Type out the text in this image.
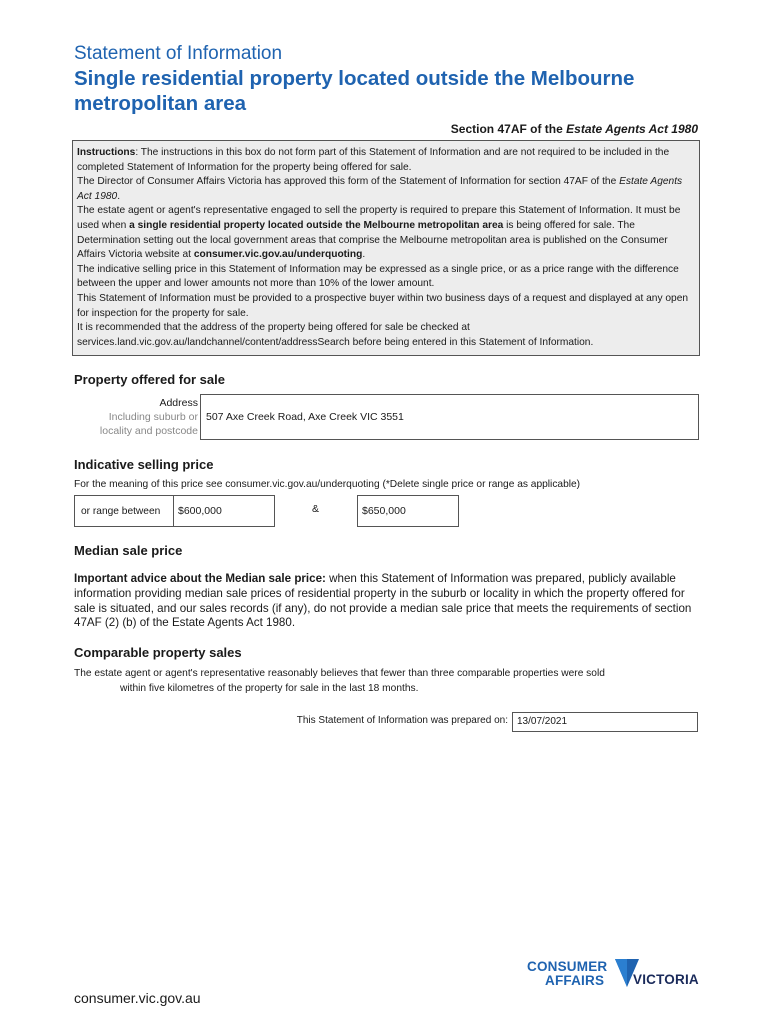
Statement of Information
Single residential property located outside the Melbourne metropolitan area
Section 47AF of the Estate Agents Act 1980

Instructions: The instructions in this box do not form part of this Statement of Information and are not required to be included in the completed Statement of Information for the property being offered for sale.

The Director of Consumer Affairs Victoria has approved this form of the Statement of Information for section 47AF of the Estate Agents Act 1980.

The estate agent or agent's representative engaged to sell the property is required to prepare this Statement of Information. It must be used when a single residential property located outside the Melbourne metropolitan area is being offered for sale. The Determination setting out the local government areas that comprise the Melbourne metropolitan area is published on the Consumer Affairs Victoria website at consumer.vic.gov.au/underquoting.

The indicative selling price in this Statement of Information may be expressed as a single price, or as a price range with the difference between the upper and lower amounts not more than 10% of the lower amount.

This Statement of Information must be provided to a prospective buyer within two business days of a request and displayed at any open for inspection for the property for sale.

It is recommended that the address of the property being offered for sale be checked at services.land.vic.gov.au/landchannel/content/addressSearch before being entered in this Statement of Information.

Property offered for sale
Address
Including suburb or
locality and postcode
507 Axe Creek Road, Axe Creek VIC 3551
Indicative selling price
For the meaning of this price see consumer.vic.gov.au/underquoting (*Delete single price or range as applicable)
or range between	$600,000	&	$650,000
Median sale price
Important advice about the Median sale price: when this Statement of Information was prepared, publicly available information providing median sale prices of residential property in the suburb or locality in which the property offered for sale is situated, and our sales records (if any), do not provide a median sale price that meets the requirements of section 47AF (2) (b) of the Estate Agents Act 1980.
Comparable property sales
The estate agent or agent's representative reasonably believes that fewer than three comparable properties were sold
within five kilometres of the property for sale in the last 18 months.
This Statement of Information was prepared on: 13/07/2021
consumer.vic.gov.au
CONSUMER
AFFAIRS VICTORIA
